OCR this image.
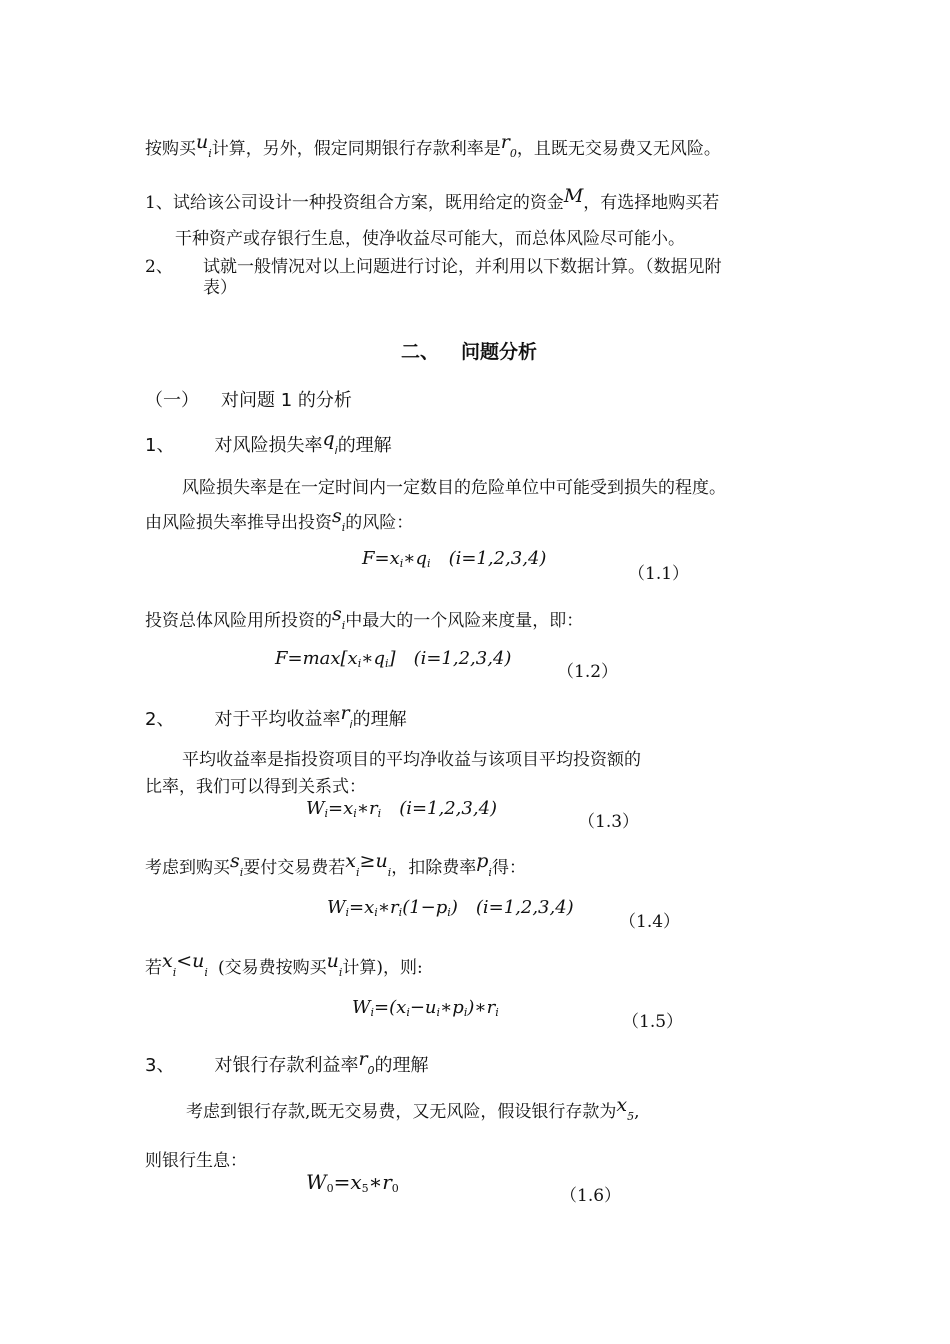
按购买$u_i$计算，另外，假定同期银行存款利率是$r_0$，且既无交易费又无风险。
1、试给该公司设计一种投资组合方案，既用给定的资金M，有选择地购买若
干种资产或存银行生息，使净收益尽可能大，而总体风险尽可能小。
2、 试就一般情况对以上问题进行讨论，并利用以下数据计算。（数据见附
表）
二、 问题分析
（一） 对问题 1 的分析
1、 对风险损失率$q_i$的理解
风险损失率是在一定时间内一定数目的危险单位中可能受到损失的程度。
由风险损失率推导出投资$s_i$的风险：
$F=x_i∗q_i$ (i=1,2,3,4)
（1.1）
投资总体风险用所投资的$s_i$中最大的一个风险来度量，即：
$F=\max[x_i∗q_i]$ (i=1,2,3,4)
（1.2）
2、 对于平均收益率$r_i$的理解
平均收益率是指投资项目的平均净收益与该项目平均投资额的
比率，我们可以得到关系式：
$W_i=x_i∗r_i$ (i=1,2,3,4)
（1.3）
考虑到购买$s_i$要付交易费若$x_i\ge u_i$，扣除费率$p_i$得：
$W_i=x_i∗r_i(1-p_i)$ (i=1,2,3,4)
（1.4）
若$x_i<u_i$ (交易费按购买$u_i$计算)，则:
$W_i=(x_i-u_i∗p_i)∗r_i$	（1.5）
3、 对银行存款利益率$r_0$的理解
考虑到银行存款,既无交易费，又无风险，假设银行存款为$x_5$,
则银行生息：
$W_0=x_5∗r_0$	（1.6）
